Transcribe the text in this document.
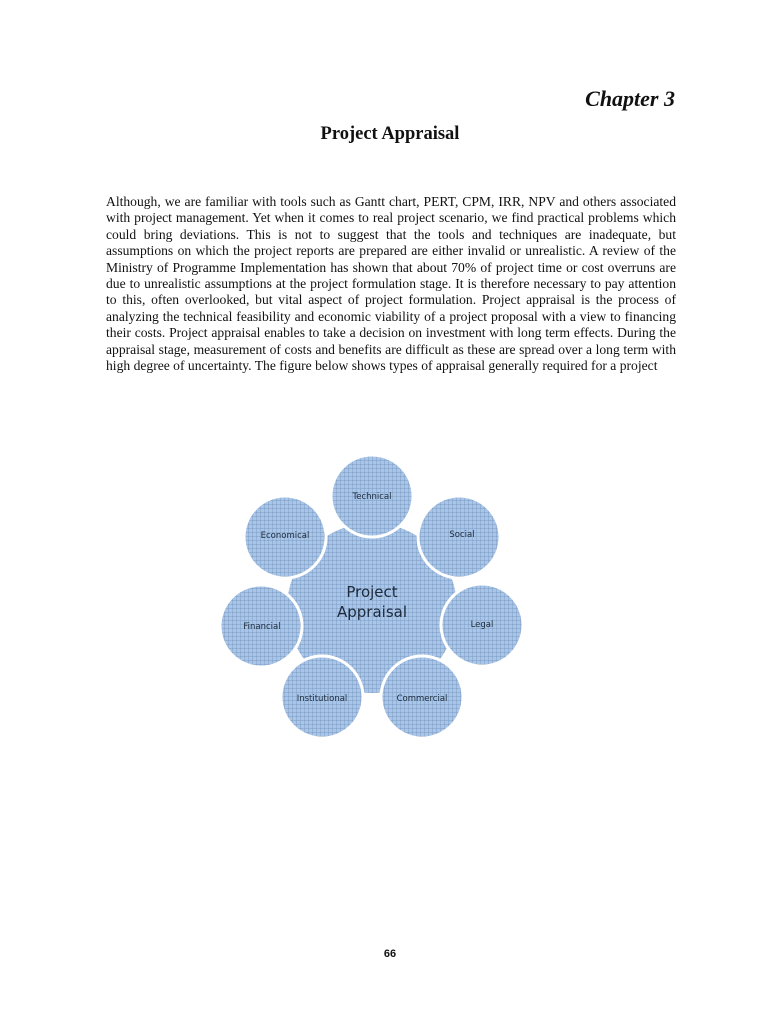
Chapter 3

Project Appraisal

Although, we are familiar with tools such as Gantt chart, PERT, CPM, IRR, NPV and others associated with project management. Yet when it comes to real project scenario, we find practical problems which could bring deviations. This is not to suggest that the tools and techniques are inadequate, but assumptions on which the project reports are prepared are either invalid or unrealistic. A review of the Ministry of Programme Implementation has shown that about 70% of project time or cost overruns are due to unrealistic assumptions at the project formulation stage. It is therefore necessary to pay attention to this, often overlooked, but vital aspect of project formulation. Project appraisal is the process of analyzing the technical feasibility and economic viability of a project proposal with a view to financing their costs. Project appraisal enables to take a decision on investment with long term effects. During the appraisal stage, measurement of costs and benefits are difficult as these are spread over a long term with high degree of uncertainty. The figure below shows types of appraisal generally required for a project

Project
Appraisal
Technical
Social
Legal
Commercial
Institutional
Financial
Economical

66
